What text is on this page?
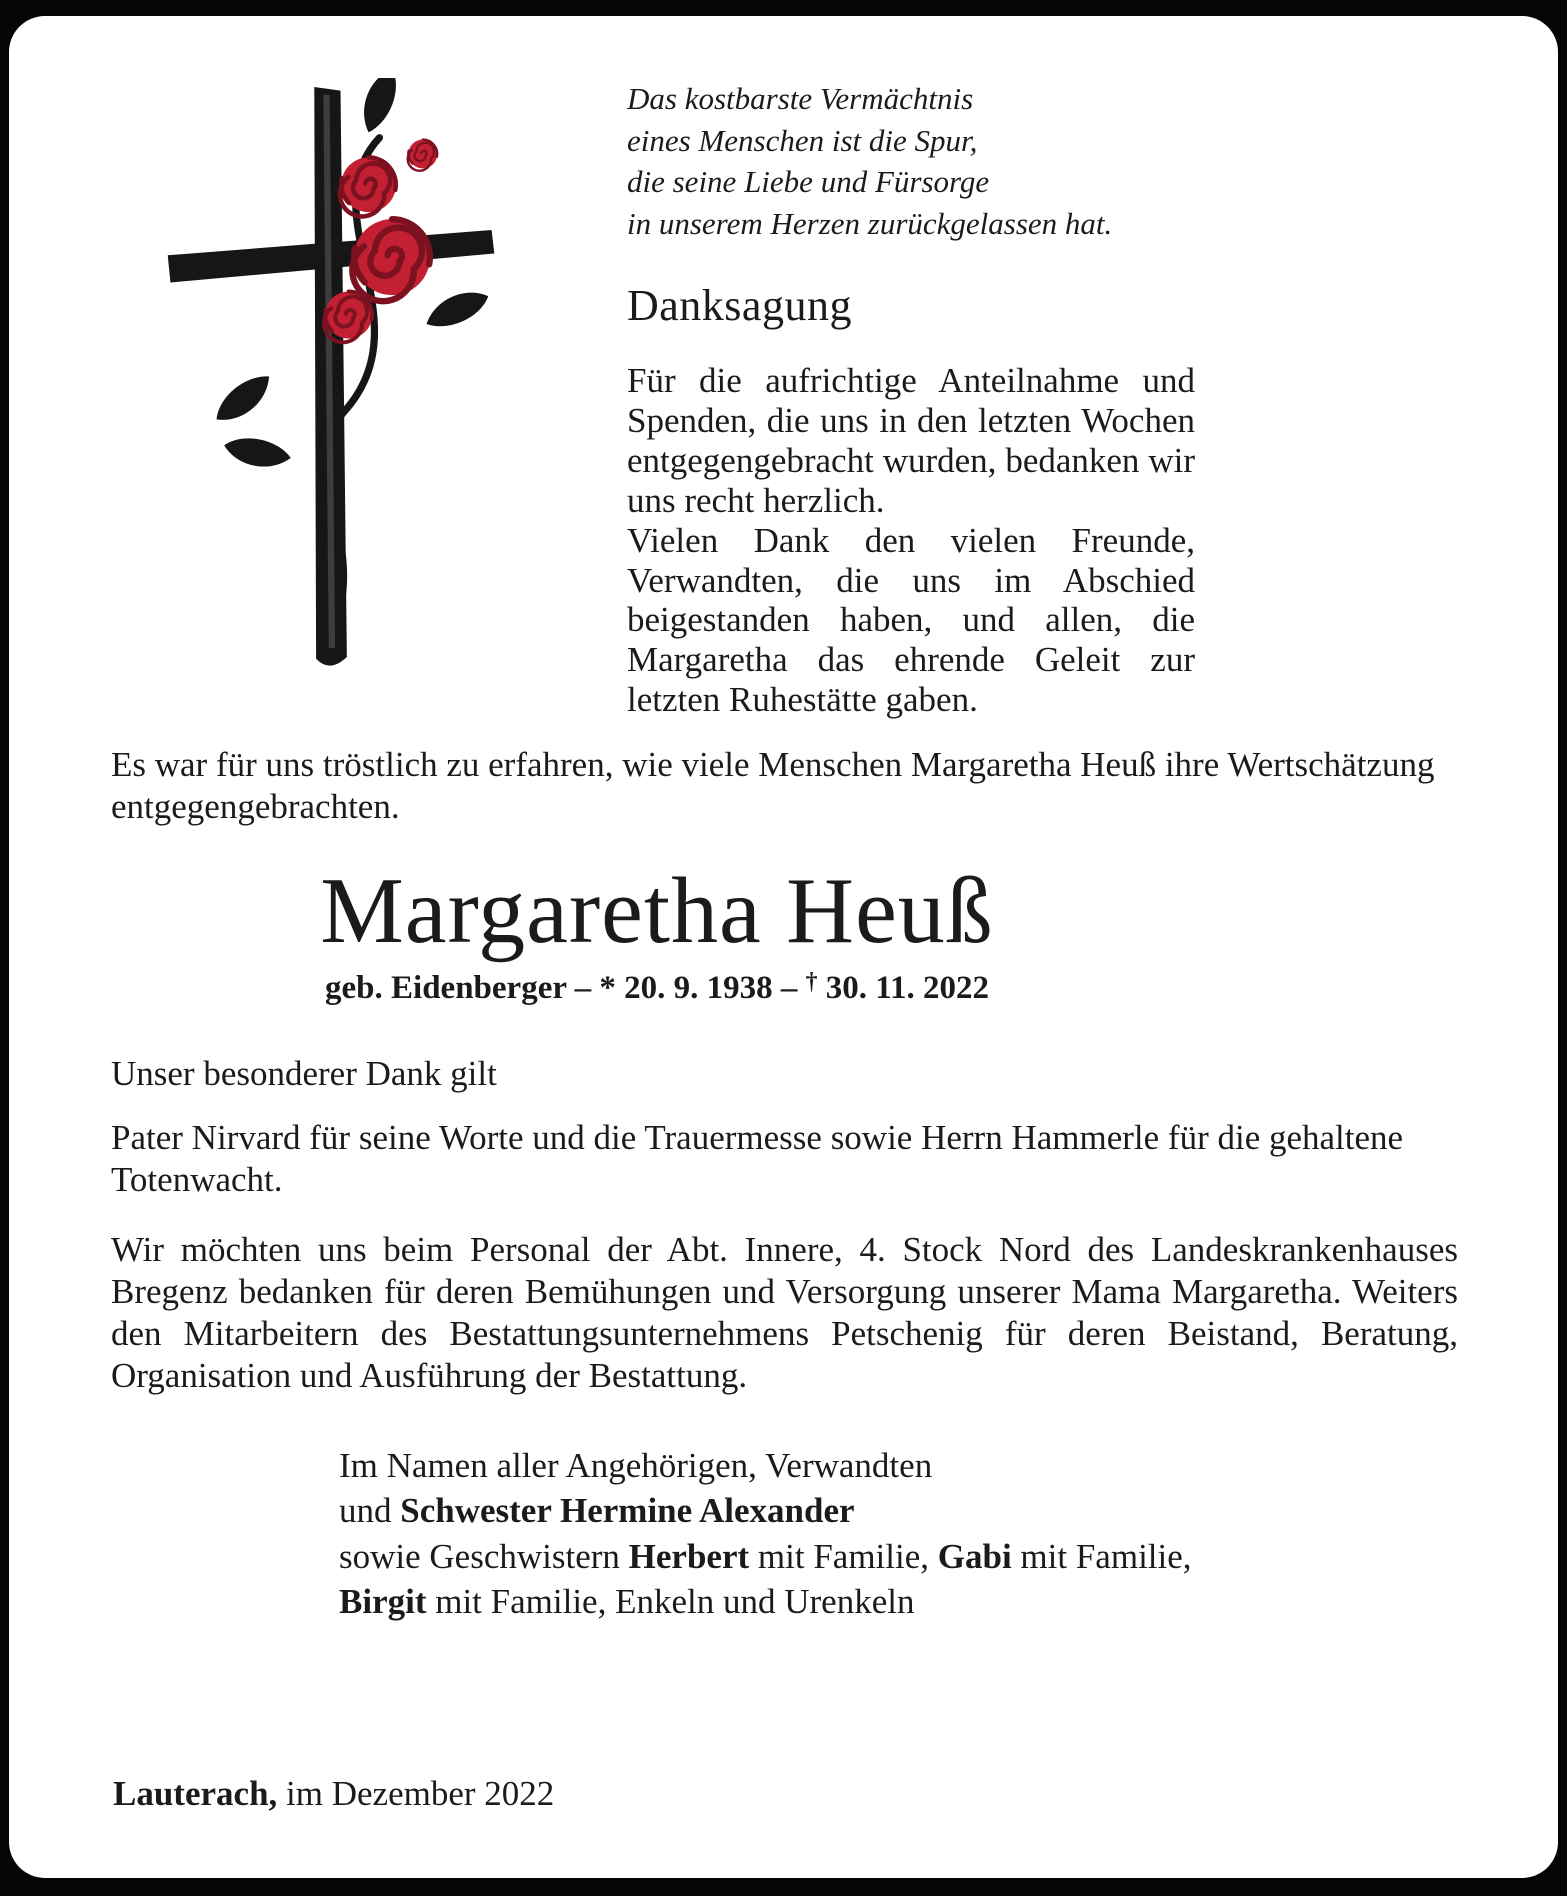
Das kostbarste Vermächtnis
eines Menschen ist die Spur,
die seine Liebe und Fürsorge
in unserem Herzen zurückgelassen hat.
Danksagung

Für die aufrichtige Anteilnahme und Spenden, die uns in den letzten Wochen entgegengebracht wurden, bedanken wir uns recht herzlich.

Vielen Dank den vielen Freunde, Verwandten, die uns im Abschied beigestanden haben, und allen, die Margaretha das ehrende Geleit zur letzten Ruhestätte gaben.

Es war für uns tröstlich zu erfahren, wie viele Menschen Margaretha Heuß ihre Wertschätzung entgegengebrachten.

Margaretha Heuß
geb. Eidenberger – * 20. 9. 1938 – † 30. 11. 2022

Unser besonderer Dank gilt

Pater Nirvard für seine Worte und die Trauermesse sowie Herrn Hammerle für die gehaltene Totenwacht.

Wir möchten uns beim Personal der Abt. Innere, 4. Stock Nord des Landeskrankenhauses Bregenz bedanken für deren Bemühungen und Versorgung unserer Mama Margaretha. Weiters den Mitarbeitern des Bestattungsunternehmens Petschenig für deren Beistand, Beratung, Organisation und Ausführung der Bestattung.

Im Namen aller Angehörigen, Verwandten
und Schwester Hermine Alexander
sowie Geschwistern Herbert mit Familie, Gabi mit Familie,
Birgit mit Familie, Enkeln und Urenkeln

Lauterach, im Dezember 2022
